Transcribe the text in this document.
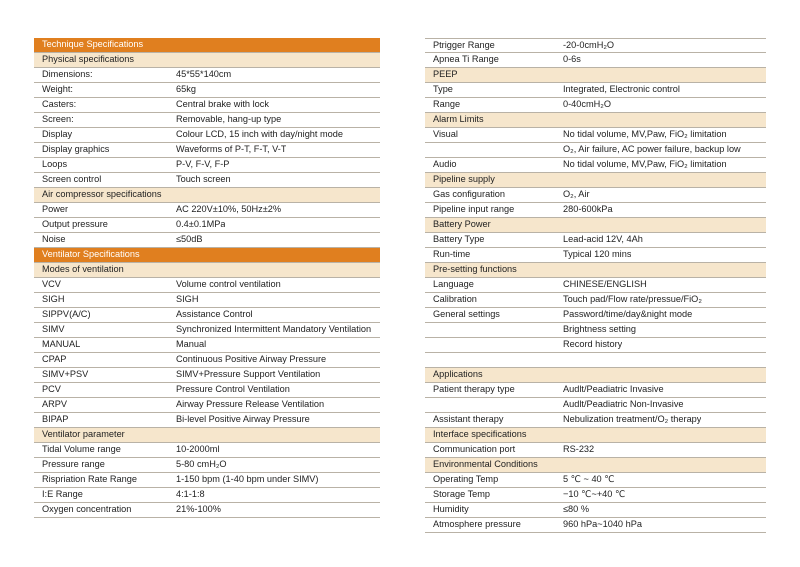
Technique Specifications
Physical specifications
Dimensions:	45*55*140cm
Weight:	65kg
Casters:	Central brake with lock
Screen:	Removable, hang-up type
Display	Colour LCD, 15 inch with day/night mode
Display graphics	Waveforms of P-T, F-T, V-T
Loops	P-V, F-V, F-P
Screen control	Touch screen
Air compressor specifications
Power	AC 220V±10%, 50Hz±2%
Output pressure	0.4±0.1MPa
Noise	≤50dB
Ventilator Specifications
Modes of ventilation
VCV	Volume control ventilation
SIGH	SIGH
SIPPV(A/C)	Assistance Control
SIMV	Synchronized Intermittent Mandatory Ventilation
MANUAL	Manual
CPAP	Continuous Positive Airway Pressure
SIMV+PSV	SIMV+Pressure Support Ventilation
PCV	Pressure Control Ventilation
ARPV	Airway Pressure Release Ventilation
BIPAP	Bi-level Positive Airway Pressure
Ventilator parameter
Tidal Volume range	10-2000ml
Pressure range	5-80 cmH₂O
Rispriation Rate Range	1-150 bpm (1-40 bpm under SIMV)
I:E Range	4:1-1:8
Oxygen concentration	21%-100%
Ptrigger Range	-20-0cmH₂O
Apnea Ti Range	0-6s
PEEP
Type	Integrated, Electronic control
Range	0-40cmH₂O
Alarm Limits
Visual	No tidal volume, MV,Paw, FiO₂ limitation
O₂, Air failure, AC power failure, backup low
Audio	No tidal volume, MV,Paw, FiO₂ limitation
Pipeline supply
Gas configuration	O₂, Air
Pipeline input range	280-600kPa
Battery Power
Battery Type	Lead-acid 12V, 4Ah
Run-time	Typical 120 mins
Pre-setting functions
Language	CHINESE/ENGLISH
Calibration	Touch pad/Flow rate/pressue/FiO₂
General settings	Password/time/day&night mode
Brightness setting
Record history
Applications
Patient therapy type	Audlt/Peadiatric Invasive
Audlt/Peadiatric Non-Invasive
Assistant therapy	Nebulization treatment/O₂ therapy
Interface specifications
Communication port	RS-232
Environmental Conditions
Operating Temp	5 ℃ ~ 40 ℃
Storage Temp	−10 ℃~+40 ℃
Humidity	≤80 %
Atmosphere pressure	960 hPa~1040 hPa
